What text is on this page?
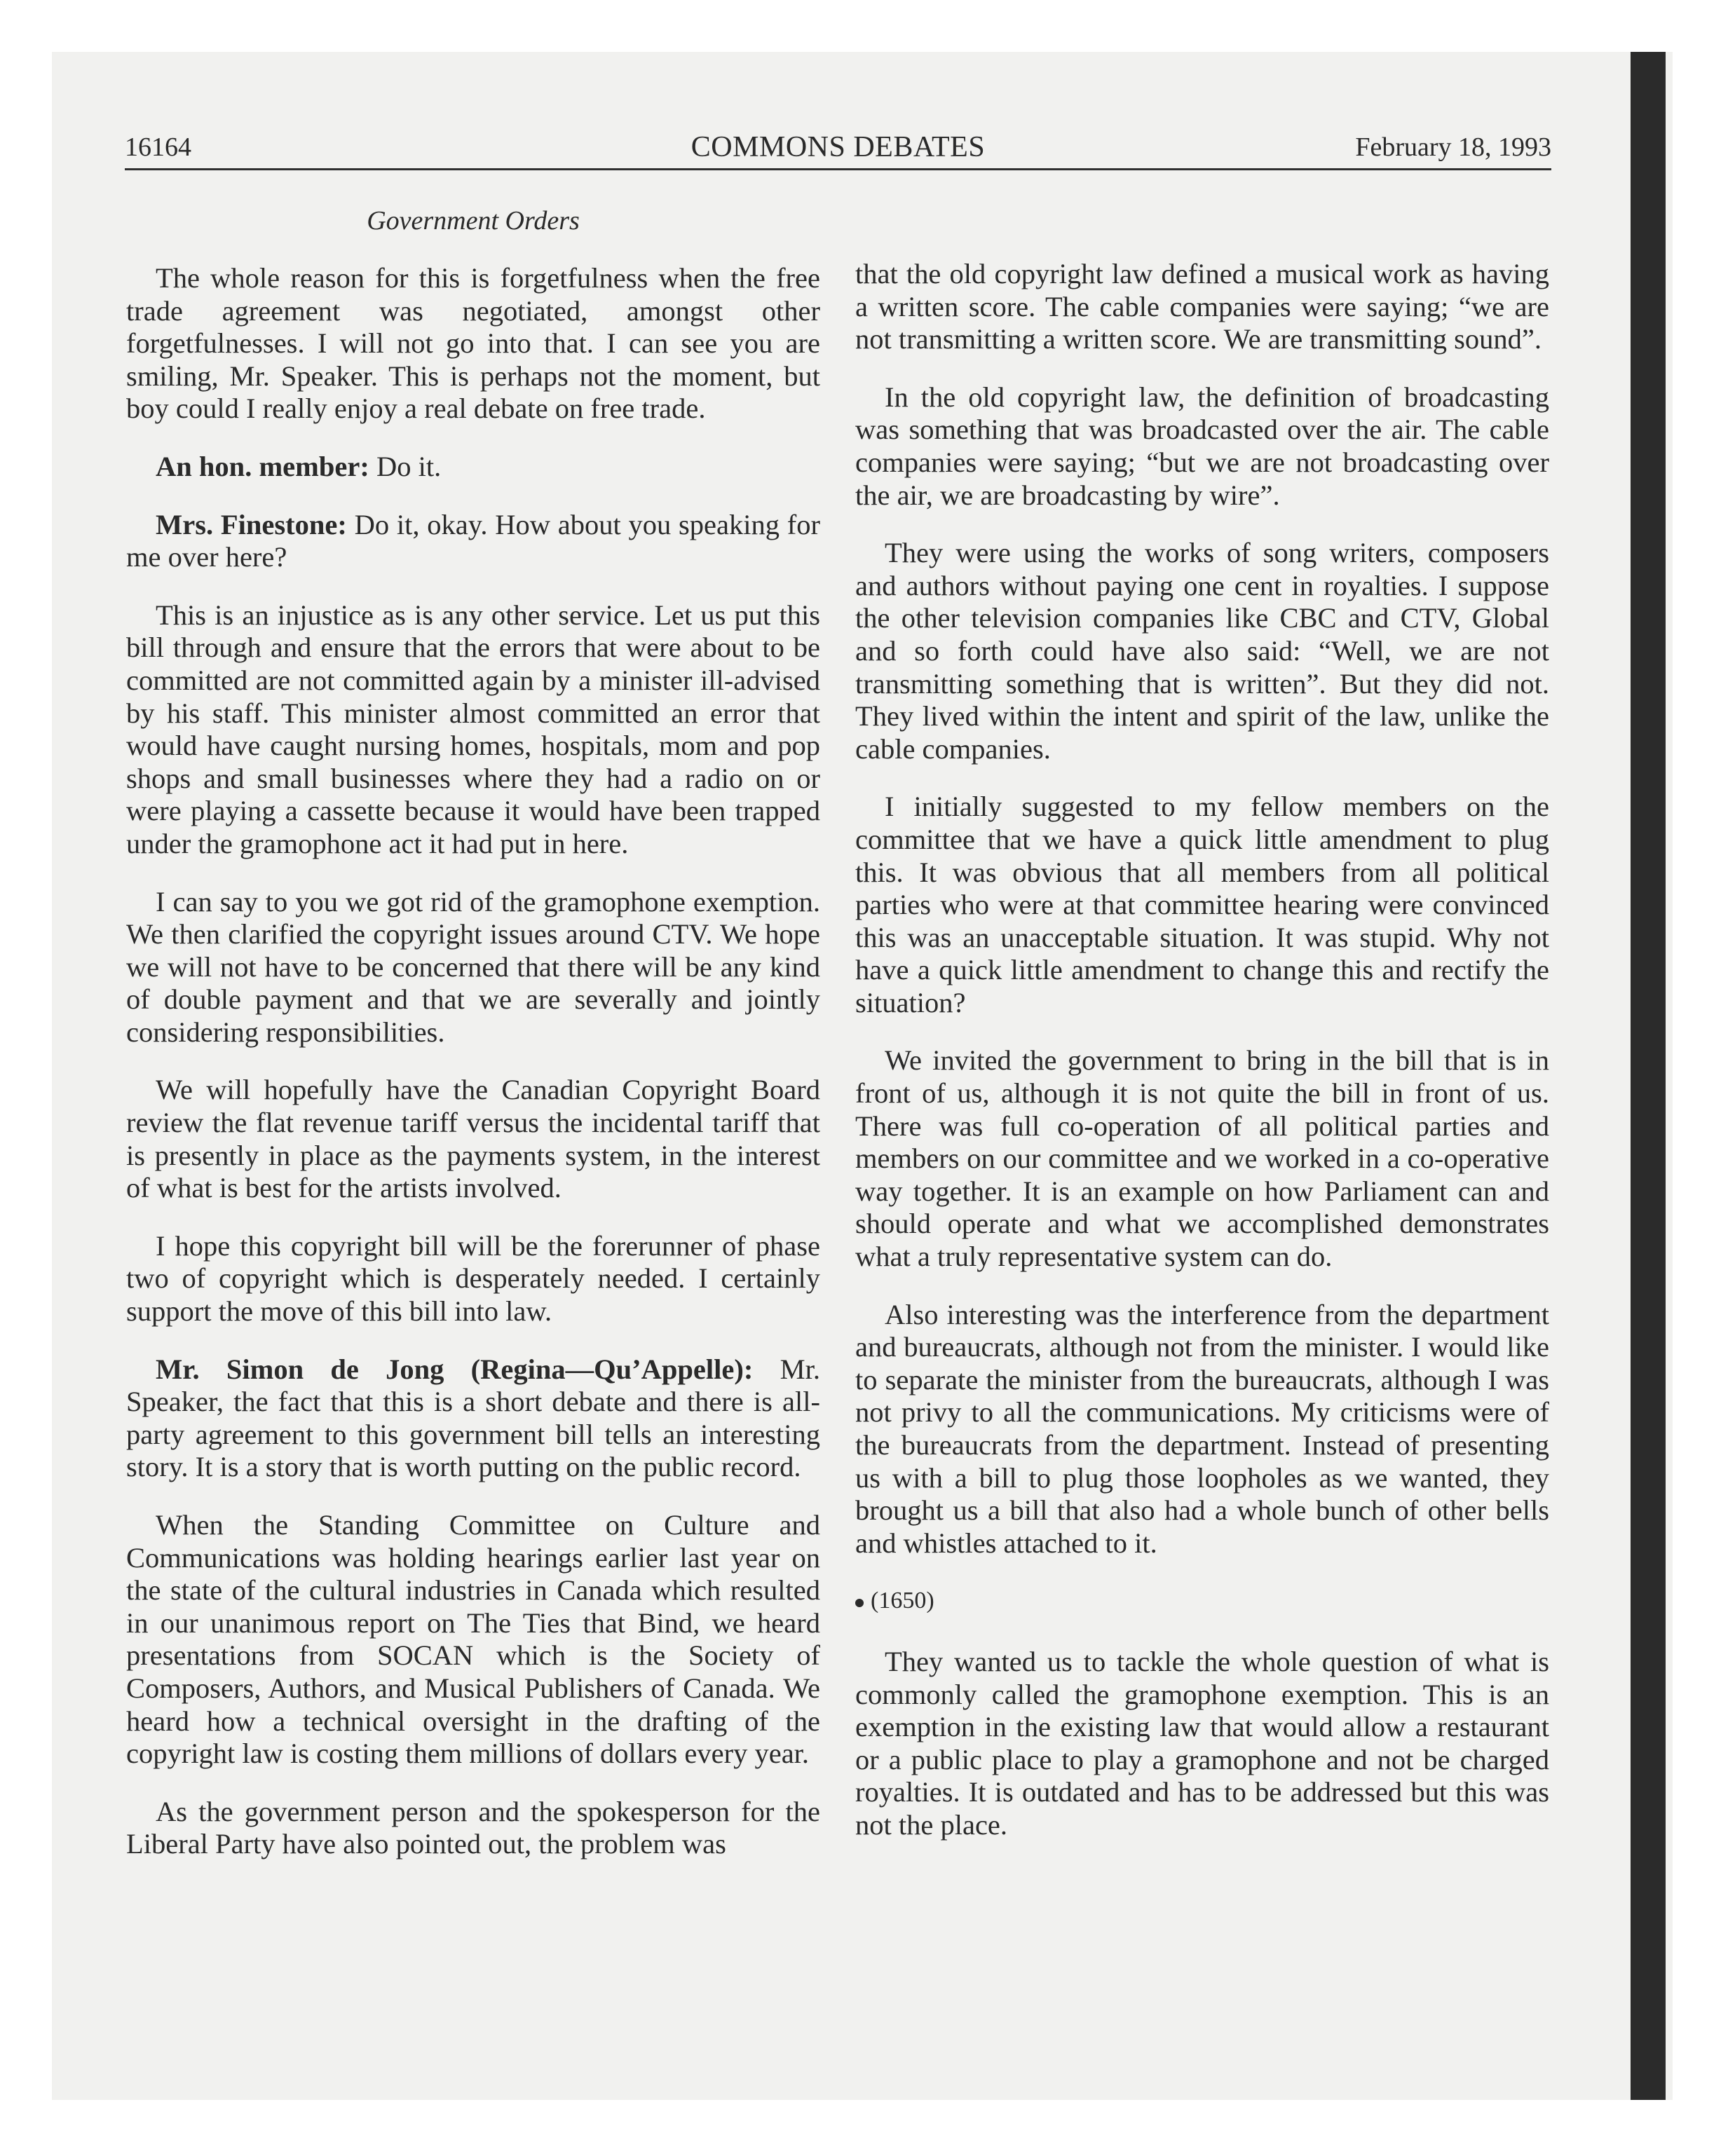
16164	COMMONS DEBATES	February 18, 1993

Government Orders

The whole reason for this is forgetfulness when the free trade agreement was negotiated, amongst other forgetfulnesses. I will not go into that. I can see you are smiling, Mr. Speaker. This is perhaps not the moment, but boy could I really enjoy a real debate on free trade.

An hon. member: Do it.

Mrs. Finestone: Do it, okay. How about you speaking for me over here?

This is an injustice as is any other service. Let us put this bill through and ensure that the errors that were about to be committed are not committed again by a minister ill-advised by his staff. This minister almost committed an error that would have caught nursing homes, hospitals, mom and pop shops and small businesses where they had a radio on or were playing a cassette because it would have been trapped under the gramophone act it had put in here.

I can say to you we got rid of the gramophone exemption. We then clarified the copyright issues around CTV. We hope we will not have to be concerned that there will be any kind of double payment and that we are severally and jointly considering responsibilities.

We will hopefully have the Canadian Copyright Board review the flat revenue tariff versus the incidental tariff that is presently in place as the payments system, in the interest of what is best for the artists involved.

I hope this copyright bill will be the forerunner of phase two of copyright which is desperately needed. I certainly support the move of this bill into law.

Mr. Simon de Jong (Regina—Qu’Appelle): Mr. Speaker, the fact that this is a short debate and there is all-party agreement to this government bill tells an interesting story. It is a story that is worth putting on the public record.

When the Standing Committee on Culture and Communications was holding hearings earlier last year on the state of the cultural industries in Canada which resulted in our unanimous report on The Ties that Bind, we heard presentations from SOCAN which is the Society of Composers, Authors, and Musical Publishers of Canada. We heard how a technical oversight in the drafting of the copyright law is costing them millions of dollars every year.

As the government person and the spokesperson for the Liberal Party have also pointed out, the problem was

that the old copyright law defined a musical work as having a written score. The cable companies were saying; “we are not transmitting a written score. We are transmitting sound”.

In the old copyright law, the definition of broadcasting was something that was broadcasted over the air. The cable companies were saying; “but we are not broadcasting over the air, we are broadcasting by wire”.

They were using the works of song writers, composers and authors without paying one cent in royalties. I suppose the other television companies like CBC and CTV, Global and so forth could have also said: “Well, we are not transmitting something that is written”. But they did not. They lived within the intent and spirit of the law, unlike the cable companies.

I initially suggested to my fellow members on the committee that we have a quick little amendment to plug this. It was obvious that all members from all political parties who were at that committee hearing were convinced this was an unacceptable situation. It was stupid. Why not have a quick little amendment to change this and rectify the situation?

We invited the government to bring in the bill that is in front of us, although it is not quite the bill in front of us. There was full co-operation of all political parties and members on our committee and we worked in a co-operative way together. It is an example on how Parliament can and should operate and what we accomplished demonstrates what a truly representative system can do.

Also interesting was the interference from the department and bureaucrats, although not from the minister. I would like to separate the minister from the bureaucrats, although I was not privy to all the communications. My criticisms were of the bureaucrats from the department. Instead of presenting us with a bill to plug those loopholes as we wanted, they brought us a bill that also had a whole bunch of other bells and whistles attached to it.

(1650)

They wanted us to tackle the whole question of what is commonly called the gramophone exemption. This is an exemption in the existing law that would allow a restaurant or a public place to play a gramophone and not be charged royalties. It is outdated and has to be addressed but this was not the place.
